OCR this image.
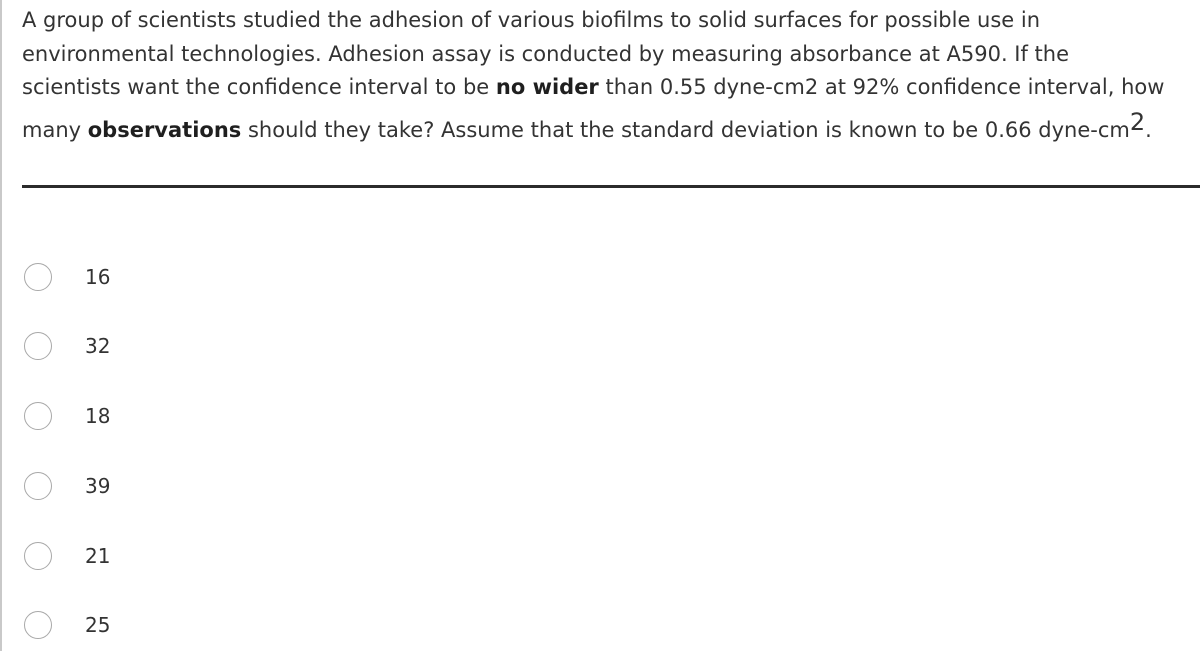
A group of scientists studied the adhesion of various biofilms to solid surfaces for possible use in
environmental technologies. Adhesion assay is conducted by measuring absorbance at A590. If the
scientists want the confidence interval to be no wider than 0.55 dyne-cm2 at 92% confidence interval, how
many observations should they take? Assume that the standard deviation is known to be 0.66 dyne-$cm^2$.
16
32
18
39
21
25
